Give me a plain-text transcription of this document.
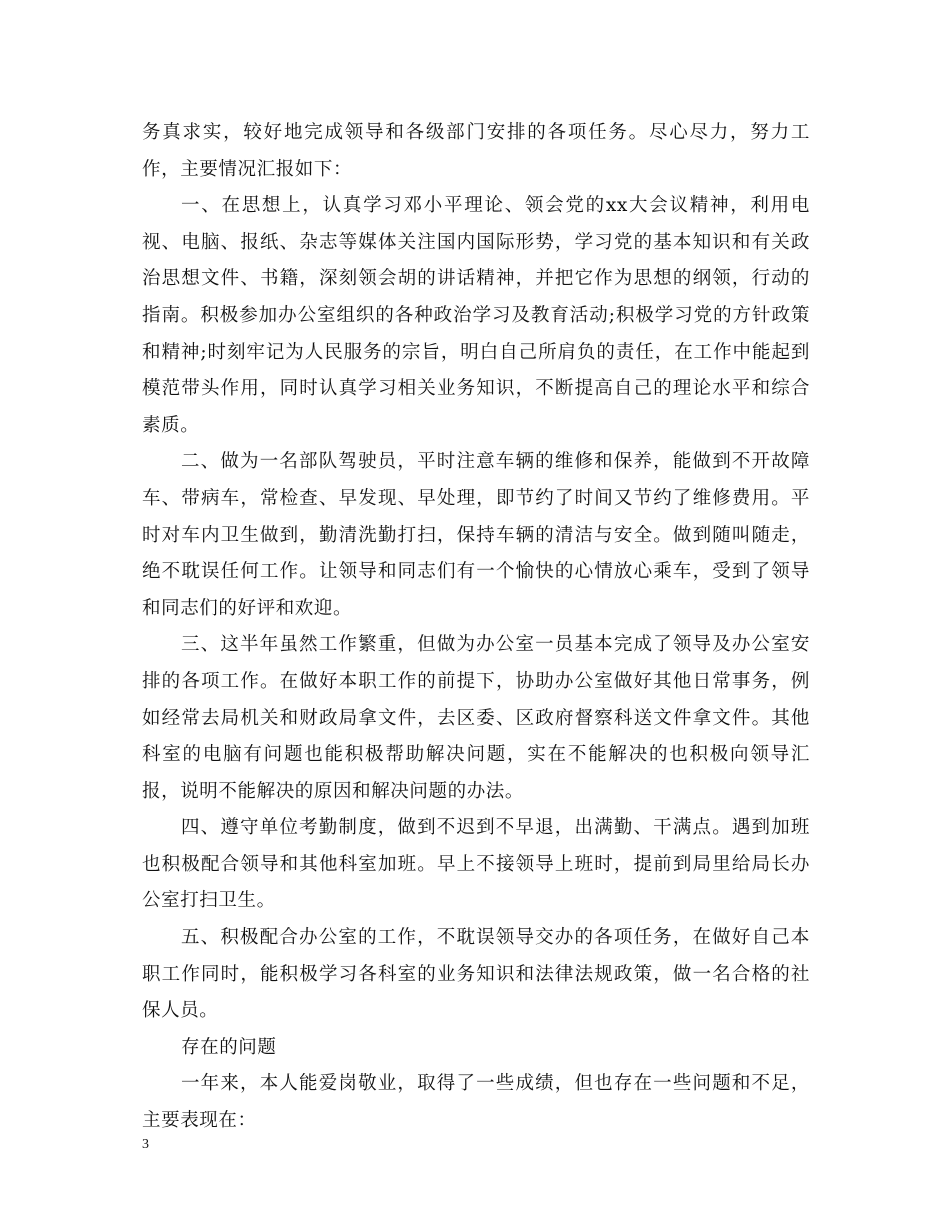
务真求实，较好地完成领导和各级部门安排的各项任务。尽心尽力，努力工作，主要情况汇报如下：

一、在思想上，认真学习邓小平理论、领会党的xx大会议精神，利用电视、电脑、报纸、杂志等媒体关注国内国际形势，学习党的基本知识和有关政治思想文件、书籍，深刻领会胡的讲话精神，并把它作为思想的纲领，行动的指南。积极参加办公室组织的各种政治学习及教育活动;积极学习党的方针政策和精神;时刻牢记为人民服务的宗旨，明白自己所肩负的责任，在工作中能起到模范带头作用，同时认真学习相关业务知识，不断提高自己的理论水平和综合素质。

二、做为一名部队驾驶员，平时注意车辆的维修和保养，能做到不开故障车、带病车，常检查、早发现、早处理，即节约了时间又节约了维修费用。平时对车内卫生做到，勤清洗勤打扫，保持车辆的清洁与安全。做到随叫随走，绝不耽误任何工作。让领导和同志们有一个愉快的心情放心乘车，受到了领导和同志们的好评和欢迎。

三、这半年虽然工作繁重，但做为办公室一员基本完成了领导及办公室安排的各项工作。在做好本职工作的前提下，协助办公室做好其他日常事务，例如经常去局机关和财政局拿文件，去区委、区政府督察科送文件拿文件。其他科室的电脑有问题也能积极帮助解决问题，实在不能解决的也积极向领导汇报，说明不能解决的原因和解决问题的办法。

四、遵守单位考勤制度，做到不迟到不早退，出满勤、干满点。遇到加班也积极配合领导和其他科室加班。早上不接领导上班时，提前到局里给局长办公室打扫卫生。

五、积极配合办公室的工作，不耽误领导交办的各项任务，在做好自己本职工作同时，能积极学习各科室的业务知识和法律法规政策，做一名合格的社保人员。

存在的问题

一年来，本人能爱岗敬业，取得了一些成绩，但也存在一些问题和不足，主要表现在：

3
